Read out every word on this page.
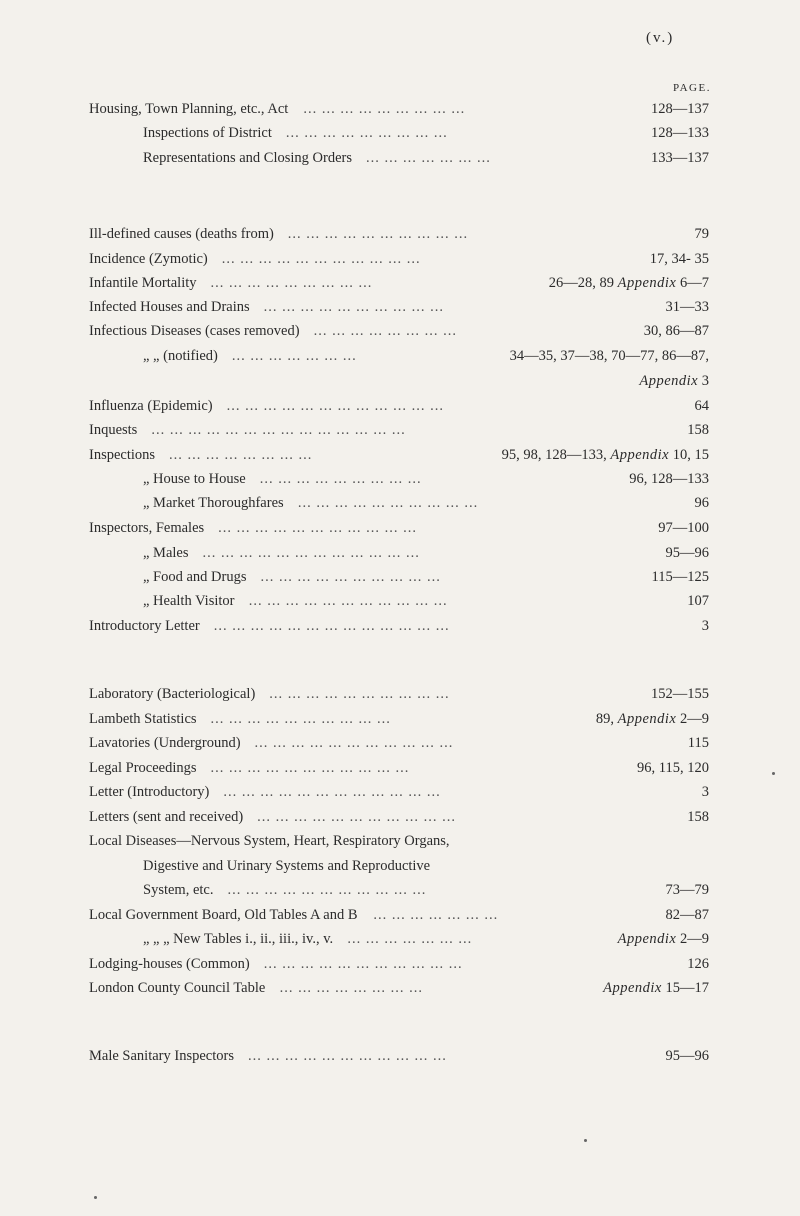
(v.)
PAGE.
Housing, Town Planning, etc., Act	128—137
... ... ... ... ... ... ... ... ...
Inspections of District	128—133
... ... ... ... ... ... ... ... ...
Representations and Closing Orders	133—137
... ... ... ... ... ... ...
Ill-defined causes (deaths from)	79
... ... ... ... ... ... ... ... ... ...
Incidence (Zymotic)	17, 34- 35
... ... ... ... ... ... ... ... ... ... ...
Infantile Mortality	26—28, 89 Appendix 6—7
... ... ... ... ... ... ... ... ...
Infected Houses and Drains	31—33
... ... ... ... ... ... ... ... ... ...
Infectious Diseases (cases removed)	30, 86—87
... ... ... ... ... ... ... ...
„ „ (notified)	34—35, 37—38, 70—77, 86—87,
... ... ... ... ... ... ...
Appendix 3
Influenza (Epidemic)	64
... ... ... ... ... ... ... ... ... ... ... ...
Inquests	158
... ... ... ... ... ... ... ... ... ... ... ... ... ...
Inspections	95, 98, 128—133, Appendix 10, 15
... ... ... ... ... ... ... ...
„ House to House	96, 128—133
... ... ... ... ... ... ... ... ...
„ Market Thoroughfares	96
... ... ... ... ... ... ... ... ... ...
Inspectors, Females	97—100
... ... ... ... ... ... ... ... ... ... ...
„ Males	95—96
... ... ... ... ... ... ... ... ... ... ... ...
„ Food and Drugs	115—125
... ... ... ... ... ... ... ... ... ...
„ Health Visitor	107
... ... ... ... ... ... ... ... ... ... ...
Introductory Letter	3
... ... ... ... ... ... ... ... ... ... ... ... ...
Laboratory (Bacteriological)	152—155
... ... ... ... ... ... ... ... ... ...
Lambeth Statistics	89, Appendix 2—9
... ... ... ... ... ... ... ... ... ...
Lavatories (Underground)	115
... ... ... ... ... ... ... ... ... ... ...
Legal Proceedings	96, 115, 120
... ... ... ... ... ... ... ... ... ... ...
Letter (Introductory)	3
... ... ... ... ... ... ... ... ... ... ... ...
Letters (sent and received)	158
... ... ... ... ... ... ... ... ... ... ...
Local Diseases—Nervous System, Heart, Respiratory Organs,
Digestive and Urinary Systems and Reproductive
System, etc.	73—79
... ... ... ... ... ... ... ... ... ... ...
Local Government Board, Old Tables A and B	82—87
... ... ... ... ... ... ...
„ „ „ New Tables i., ii., iii., iv., v.	Appendix 2—9
... ... ... ... ... ... ...
Lodging-houses (Common)	126
... ... ... ... ... ... ... ... ... ... ...
London County Council Table	Appendix 15—17
... ... ... ... ... ... ... ...
Male Sanitary Inspectors	95—96
... ... ... ... ... ... ... ... ... ... ...
